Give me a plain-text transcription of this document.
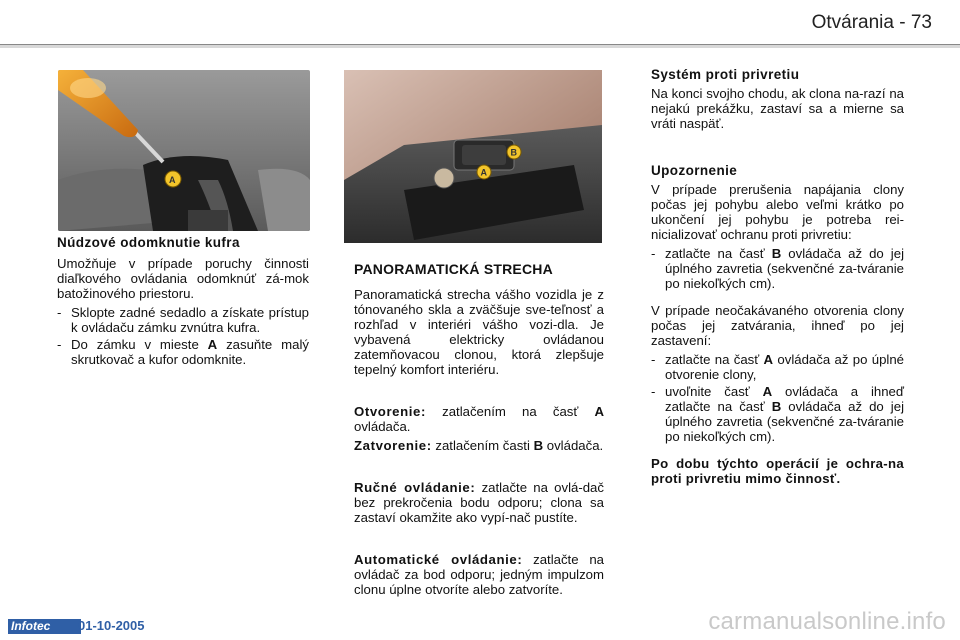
Otvárania - 73
A
B
A
Núdzové odomknutie kufra

Umožňuje v prípade poruchy činnosti diaľkového ovládania odomknúť zá-mok batožinového priestoru.

- Sklopte zadné sedadlo a získate prístup k ovládaču zámku zvnútra kufra.
- Do zámku v mieste A zasuňte malý skrutkovač a kufor odomknite.
PANORAMATICKÁ STRECHA

Panoramatická strecha vášho vozidla je z tónovaného skla a zväčšuje sve-teľnosť a rozhľad v interiéri vášho vozi-dla. Je vybavená elektricky ovládanou zatemňovacou clonou, ktorá zlepšuje tepelný komfort interiéru.

Otvorenie: zatlačením na časť A ovládača.

Zatvorenie: zatlačením časti B ovládača.

Ručné ovládanie: zatlačte na ovlá-dač bez prekročenia bodu odporu; clona sa zastaví okamžite ako vypí-nač pustíte.

Automatické ovládanie: zatlačte na ovládač za bod odporu; jedným impulzom clonu úplne otvoríte alebo zatvoríte.

Systém proti privretiu

Na konci svojho chodu, ak clona na-razí na nejakú prekážku, zastaví sa a mierne sa vráti naspäť.

Upozornenie

V prípade prerušenia napájania clony počas jej pohybu alebo veľmi krátko po ukončení jej pohybu je potreba rei-nicializovať ochranu proti privretiu:

- zatlačte na časť B ovládača až do jej úplného zavretia (sekvenčné za-tváranie po niekoľkých cm).

V prípade neočakávaného otvorenia clony počas jej zatvárania, ihneď po jej zastavení:

- zatlačte na časť A ovládača až po úplné otvorenie clony,
- uvoľnite časť A ovládača a ihneď zatlačte na časť B ovládača až do jej úplného zavretia (sekvenčné za-tváranie po niekoľkých cm).

Po dobu týchto operácií je ochra-na proti privretiu mimo činnosť.

Infotec	01-10-2005	carmanualsonline.info
